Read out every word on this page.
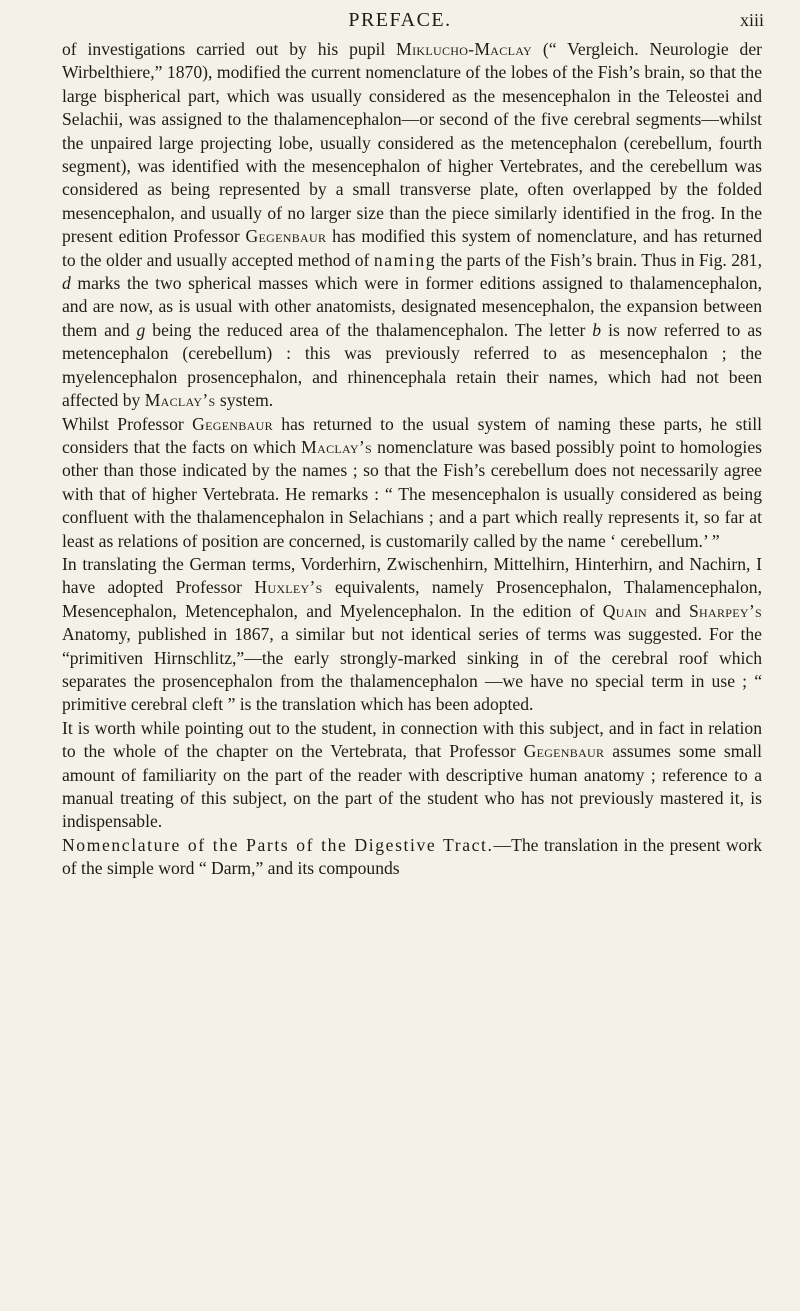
PREFACE.	xiii

of investigations carried out by his pupil Miklucho-Maclay (“ Vergleich. Neurologie der Wirbelthiere,” 1870), modified the current nomenclature of the lobes of the Fish’s brain, so that the large bispherical part, which was usually considered as the mesencephalon in the Teleostei and Selachii, was assigned to the thalamencephalon—or second of the five cerebral segments—whilst the unpaired large projecting lobe, usually considered as the metencephalon (cerebellum, fourth segment), was identified with the mesencephalon of higher Vertebrates, and the cerebellum was considered as being represented by a small transverse plate, often overlapped by the folded mesencephalon, and usually of no larger size than the piece similarly identified in the frog. In the present edition Professor Gegenbaur has modified this system of nomenclature, and has returned to the older and usually accepted method of naming the parts of the Fish’s brain. Thus in Fig. 281, d marks the two spherical masses which were in former editions assigned to thalamencephalon, and are now, as is usual with other anatomists, designated mesencephalon, the expansion between them and g being the reduced area of the thalamencephalon. The letter b is now referred to as metencephalon (cerebellum) : this was previously referred to as mesencephalon ; the myelencephalon prosencephalon, and rhinencephala retain their names, which had not been affected by Maclay’s system.

Whilst Professor Gegenbaur has returned to the usual system of naming these parts, he still considers that the facts on which Maclay’s nomenclature was based possibly point to homologies other than those indicated by the names ; so that the Fish’s cerebellum does not necessarily agree with that of higher Vertebrata. He remarks : “ The mesencephalon is usually considered as being confluent with the thalamencephalon in Selachians ; and a part which really represents it, so far at least as relations of position are concerned, is customarily called by the name ‘ cerebellum.’ ”

In translating the German terms, Vorderhirn, Zwischenhirn, Mittelhirn, Hinterhirn, and Nachirn, I have adopted Professor Huxley’s equivalents, namely Prosencephalon, Thalamencephalon, Mesencephalon, Metencephalon, and Myelencephalon. In the edition of Quain and Sharpey’s Anatomy, published in 1867, a similar but not identical series of terms was suggested. For the “primitiven Hirnschlitz,”—the early strongly-marked sinking in of the cerebral roof which separates the prosencephalon from the thalamencephalon —we have no special term in use ; “ primitive cerebral cleft ” is the translation which has been adopted.

It is worth while pointing out to the student, in connection with this subject, and in fact in relation to the whole of the chapter on the Vertebrata, that Professor Gegenbaur assumes some small amount of familiarity on the part of the reader with descriptive human anatomy ; reference to a manual treating of this subject, on the part of the student who has not previously mastered it, is indispensable.

Nomenclature of the Parts of the Digestive Tract.—The translation in the present work of the simple word “ Darm,” and its compounds
